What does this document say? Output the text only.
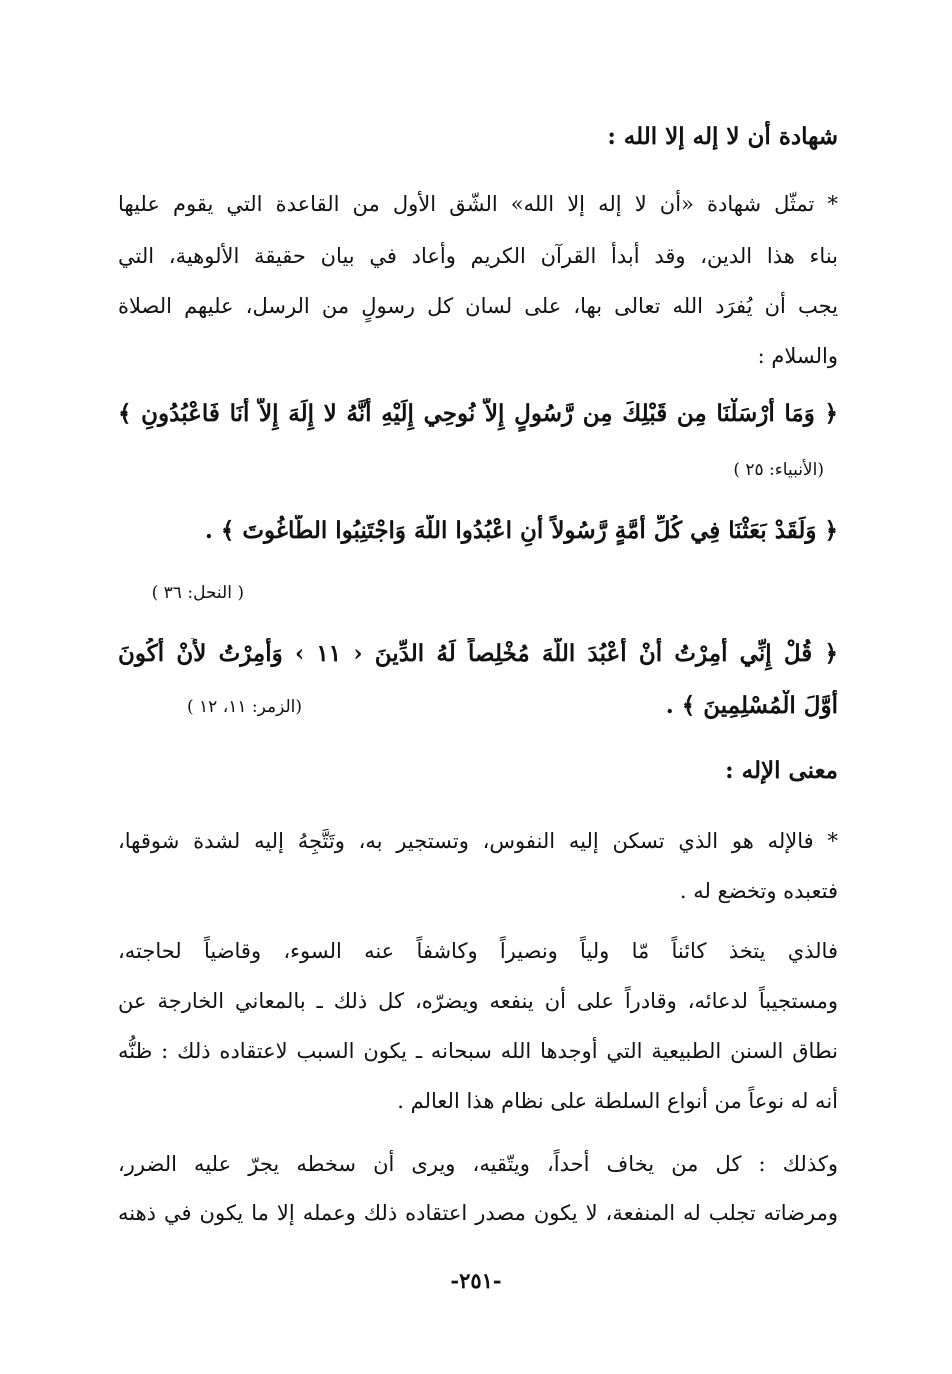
شهادة أن لا إله إلا الله :
* تمثّل شهادة «أن لا إله إلا الله» الشّق الأول من القاعدة التي يقوم عليها
بناء هذا الدين، وقد أبدأ القرآن الكريم وأعاد في بيان حقيقة الألوهية، التي
يجب أن يُفرَد الله تعالى بها، على لسان كل رسولٍ من الرسل، عليهم الصلاة
والسلام :
﴿ وَمَا أَرْسَلْنَا مِن قَبْلِكَ مِن رَّسُولٍ إِلاَّ نُوحِي إِلَيْهِ أَنَّهُ لا إِلَهَ إِلاَّ أَنَا فَاعْبُدُونِ ﴾
(الأنبياء: ٢٥ )
﴿ وَلَقَدْ بَعَثْنَا فِي كُلِّ أُمَّةٍ رَّسُولاً أَنِ اعْبُدُوا اللَّهَ وَاجْتَنِبُوا الطَّاغُوتَ ﴾ .
( النحل: ٣٦ )
﴿ قُلْ إِنِّي أُمِرْتُ أَنْ أَعْبُدَ اللَّهَ مُخْلِصاً لَهُ الدِّينَ ‹ ١١ › وَأُمِرْتُ لأَنْ أَكُونَ
أَوَّلَ الْمُسْلِمِينَ ﴾ .
(الزمر: ١١، ١٢ )
معنى الإله :
* فالإله هو الذي تسكن إليه النفوس، وتستجير به، وتَتَّجِهُ إليه لشدة شوقها،
فتعبده وتخضع له .
فالذي يتخذ كائناً مّا ولياً ونصيراً وكاشفاً عنه السوء، وقاضياً لحاجته،
ومستجيباً لدعائه، وقادراً على أن ينفعه ويضرّه، كل ذلك ـ بالمعاني الخارجة عن
نطاق السنن الطبيعية التي أوجدها الله سبحانه ـ يكون السبب لاعتقاده ذلك : ظنُّه
أنه له نوعاً من أنواع السلطة على نظام هذا العالم .
وكذلك : كل من يخاف أحداً، ويتّقيه، ويرى أن سخطه يجرّ عليه الضرر،
ومرضاته تجلب له المنفعة، لا يكون مصدر اعتقاده ذلك وعمله إلا ما يكون في ذهنه
-٢٥١-
